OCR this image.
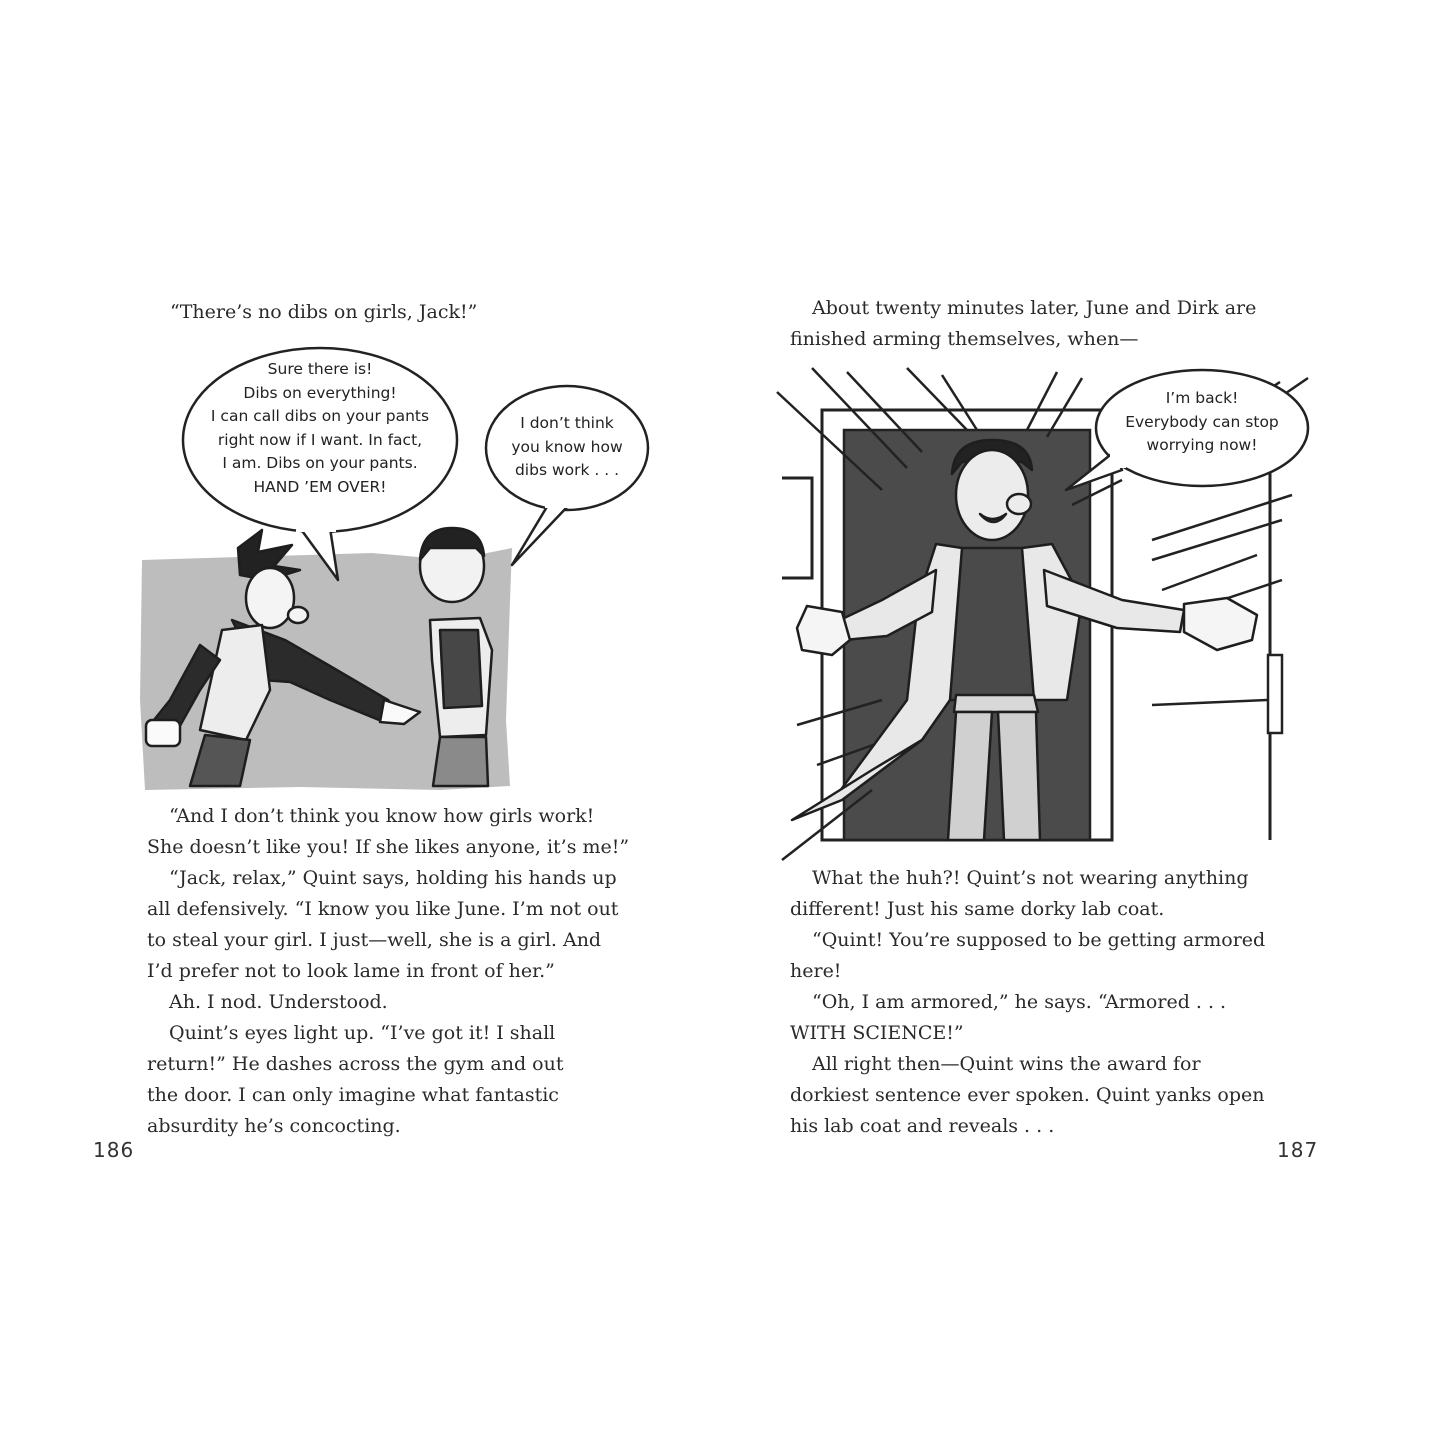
“There’s no dibs on girls, Jack!”

Sure there is!
Dibs on everything!
I can call dibs on your pants
right now if I want. In fact,
I am. Dibs on your pants.
HAND ’EM OVER!

I don’t think
you know how
dibs work . . .

“And I don’t think you know how girls work!
She doesn’t like you! If she likes anyone, it’s me!”
“Jack, relax,” Quint says, holding his hands up
all defensively. “I know you like June. I’m not out
to steal your girl. I just—well, she is a girl. And
I’d prefer not to look lame in front of her.”
Ah. I nod. Understood.
Quint’s eyes light up. “I’ve got it! I shall
return!” He dashes across the gym and out
the door. I can only imagine what fantastic
absurdity he’s concocting.

186

About twenty minutes later, June and Dirk are
finished arming themselves, when—

I’m back!
Everybody can stop
worrying now!

What the huh?! Quint’s not wearing anything
different! Just his same dorky lab coat.
“Quint! You’re supposed to be getting armored
here!
“Oh, I am armored,” he says. “Armored . . .
WITH SCIENCE!”
All right then—Quint wins the award for
dorkiest sentence ever spoken. Quint yanks open
his lab coat and reveals . . .

187
